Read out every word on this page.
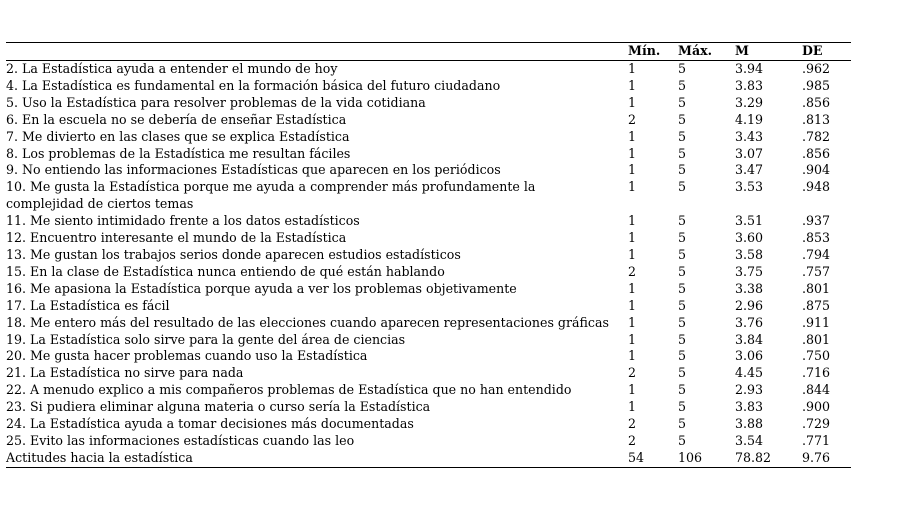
	Mín.	Máx.	M	DE
2. La Estadística ayuda a entender el mundo de hoy	1	5	3.94	.962
4. La Estadística es fundamental en la formación básica del futuro ciudadano	1	5	3.83	.985
5. Uso la Estadística para resolver problemas de la vida cotidiana	1	5	3.29	.856
6. En la escuela no se debería de enseñar Estadística	2	5	4.19	.813
7. Me divierto en las clases que se explica Estadística	1	5	3.43	.782
8. Los problemas de la Estadística me resultan fáciles	1	5	3.07	.856
9. No entiendo las informaciones Estadísticas que aparecen en los periódicos	1	5	3.47	.904
10. Me gusta la Estadística porque me ayuda a comprender más profundamente la complejidad de ciertos temas	1	5	3.53	.948
11. Me siento intimidado frente a los datos estadísticos	1	5	3.51	.937
12. Encuentro interesante el mundo de la Estadística	1	5	3.60	.853
13. Me gustan los trabajos serios donde aparecen estudios estadísticos	1	5	3.58	.794
15. En la clase de Estadística nunca entiendo de qué están hablando	2	5	3.75	.757
16. Me apasiona la Estadística porque ayuda a ver los problemas objetivamente	1	5	3.38	.801
17. La Estadística es fácil	1	5	2.96	.875
18. Me entero más del resultado de las elecciones cuando aparecen representaciones gráficas	1	5	3.76	.911
19. La Estadística solo sirve para la gente del área de ciencias	1	5	3.84	.801
20. Me gusta hacer problemas cuando uso la Estadística	1	5	3.06	.750
21. La Estadística no sirve para nada	2	5	4.45	.716
22. A menudo explico a mis compañeros problemas de Estadística que no han entendido	1	5	2.93	.844
23. Si pudiera eliminar alguna materia o curso sería la Estadística	1	5	3.83	.900
24. La Estadística ayuda a tomar decisiones más documentadas	2	5	3.88	.729
25. Evito las informaciones estadísticas cuando las leo	2	5	3.54	.771
Actitudes hacia la estadística	54	106	78.82	9.76
